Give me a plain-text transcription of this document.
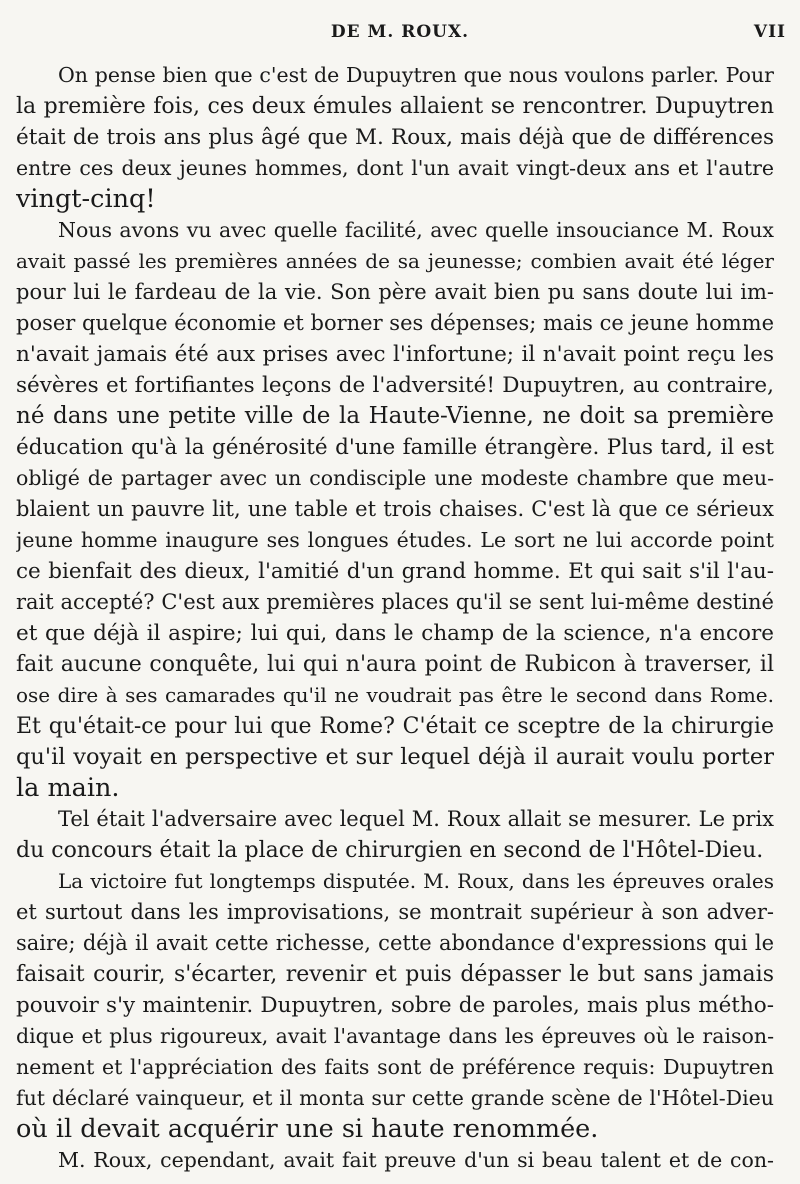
DE M. ROUX.	VII
On pense bien que c'est de Dupuytren que nous voulons parler. Pour
la première fois, ces deux émules allaient se rencontrer. Dupuytren
était de trois ans plus âgé que M. Roux, mais déjà que de différences
entre ces deux jeunes hommes, dont l'un avait vingt-deux ans et l'autre
vingt-cinq!
Nous avons vu avec quelle facilité, avec quelle insouciance M. Roux
avait passé les premières années de sa jeunesse; combien avait été léger
pour lui le fardeau de la vie. Son père avait bien pu sans doute lui im-
poser quelque économie et borner ses dépenses; mais ce jeune homme
n'avait jamais été aux prises avec l'infortune; il n'avait point reçu les
sévères et fortifiantes leçons de l'adversité! Dupuytren, au contraire,
né dans une petite ville de la Haute-Vienne, ne doit sa première
éducation qu'à la générosité d'une famille étrangère. Plus tard, il est
obligé de partager avec un condisciple une modeste chambre que meu-
blaient un pauvre lit, une table et trois chaises. C'est là que ce sérieux
jeune homme inaugure ses longues études. Le sort ne lui accorde point
ce bienfait des dieux, l'amitié d'un grand homme. Et qui sait s'il l'au-
rait accepté? C'est aux premières places qu'il se sent lui-même destiné
et que déjà il aspire; lui qui, dans le champ de la science, n'a encore
fait aucune conquête, lui qui n'aura point de Rubicon à traverser, il
ose dire à ses camarades qu'il ne voudrait pas être le second dans Rome.
Et qu'était-ce pour lui que Rome? C'était ce sceptre de la chirurgie
qu'il voyait en perspective et sur lequel déjà il aurait voulu porter
la main.
Tel était l'adversaire avec lequel M. Roux allait se mesurer. Le prix
du concours était la place de chirurgien en second de l'Hôtel-Dieu.
La victoire fut longtemps disputée. M. Roux, dans les épreuves orales
et surtout dans les improvisations, se montrait supérieur à son adver-
saire; déjà il avait cette richesse, cette abondance d'expressions qui le
faisait courir, s'écarter, revenir et puis dépasser le but sans jamais
pouvoir s'y maintenir. Dupuytren, sobre de paroles, mais plus métho-
dique et plus rigoureux, avait l'avantage dans les épreuves où le raison-
nement et l'appréciation des faits sont de préférence requis: Dupuytren
fut déclaré vainqueur, et il monta sur cette grande scène de l'Hôtel-Dieu
où il devait acquérir une si haute renommée.
M. Roux, cependant, avait fait preuve d'un si beau talent et de con-
